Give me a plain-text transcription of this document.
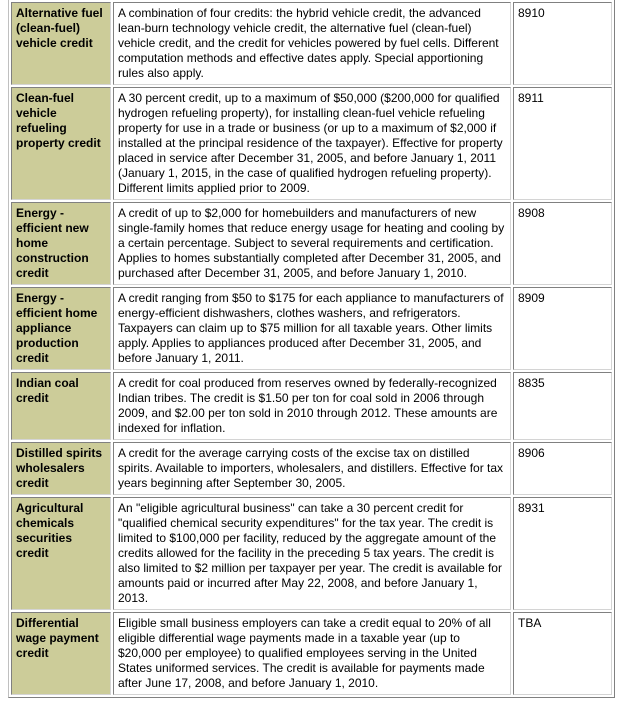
Alternative fuel (clean-fuel) vehicle credit	A combination of four credits: the hybrid vehicle credit, the advanced lean-burn technology vehicle credit, the alternative fuel (clean-fuel) vehicle credit, and the credit for vehicles powered by fuel cells. Different computation methods and effective dates apply. Special apportioning rules also apply.	8910
Clean-fuel vehicle refueling property credit	A 30 percent credit, up to a maximum of $50,000 ($200,000 for qualified hydrogen refueling property), for installing clean-fuel vehicle refueling property for use in a trade or business (or up to a maximum of $2,000 if installed at the principal residence of the taxpayer). Effective for property placed in service after December 31, 2005, and before January 1, 2011 (January 1, 2015, in the case of qualified hydrogen refueling property). Different limits applied prior to 2009.	8911
Energy - efficient new home construction credit	A credit of up to $2,000 for homebuilders and manufacturers of new single-family homes that reduce energy usage for heating and cooling by a certain percentage. Subject to several requirements and certification. Applies to homes substantially completed after December 31, 2005, and purchased after December 31, 2005, and before January 1, 2010.	8908
Energy - efficient home appliance production credit	A credit ranging from $50 to $175 for each appliance to manufacturers of energy-efficient dishwashers, clothes washers, and refrigerators. Taxpayers can claim up to $75 million for all taxable years. Other limits apply. Applies to appliances produced after December 31, 2005, and before January 1, 2011.	8909
Indian coal credit	A credit for coal produced from reserves owned by federally-recognized Indian tribes. The credit is $1.50 per ton for coal sold in 2006 through 2009, and $2.00 per ton sold in 2010 through 2012. These amounts are indexed for inflation.	8835
Distilled spirits wholesalers credit	A credit for the average carrying costs of the excise tax on distilled spirits. Available to importers, wholesalers, and distillers. Effective for tax years beginning after September 30, 2005.	8906
Agricultural chemicals securities credit	An "eligible agricultural business" can take a 30 percent credit for "qualified chemical security expenditures" for the tax year. The credit is limited to $100,000 per facility, reduced by the aggregate amount of the credits allowed for the facility in the preceding 5 tax years. The credit is also limited to $2 million per taxpayer per year. The credit is available for amounts paid or incurred after May 22, 2008, and before January 1, 2013.	8931
Differential wage payment credit	Eligible small business employers can take a credit equal to 20% of all eligible differential wage payments made in a taxable year (up to $20,000 per employee) to qualified employees serving in the United States uniformed services. The credit is available for payments made after June 17, 2008, and before January 1, 2010.	TBA
